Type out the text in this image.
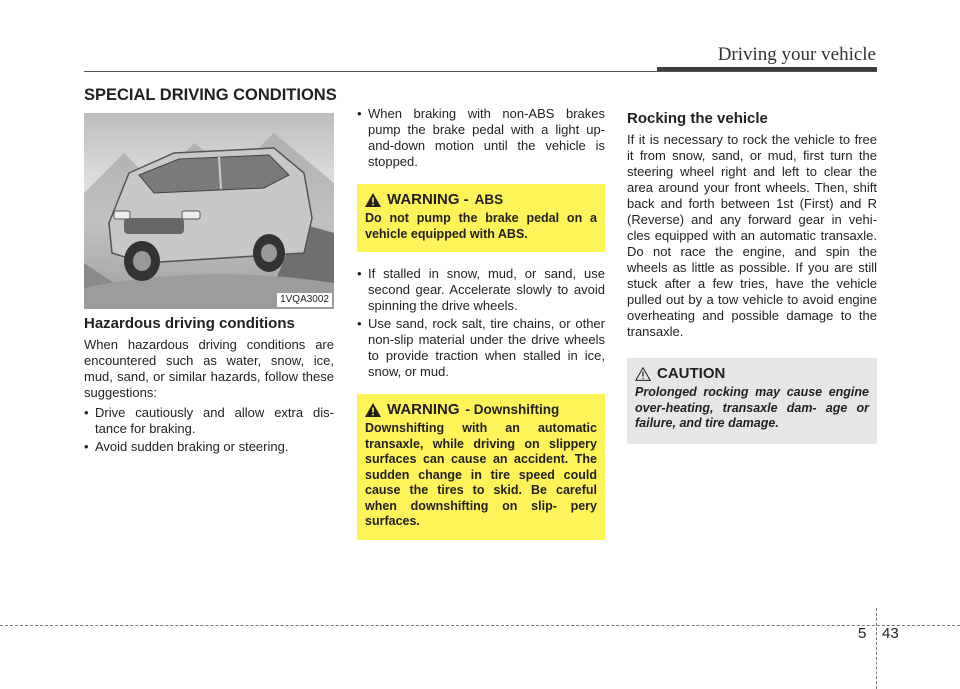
Driving your vehicle
SPECIAL DRIVING CONDITIONS
1VQA3002
Hazardous driving conditions

When hazardous driving conditions are encountered such as water, snow, ice, mud, sand, or similar hazards, follow these suggestions:

• Drive cautiously and allow extra dis- tance for braking.
• Avoid sudden braking or steering.
• When braking with non-ABS brakes pump the brake pedal with a light up- and-down motion until the vehicle is stopped.
WARNING - ABS
Do not pump the brake pedal on a vehicle equipped with ABS.
• If stalled in snow, mud, or sand, use second gear. Accelerate slowly to avoid spinning the drive wheels.
• Use sand, rock salt, tire chains, or other non-slip material under the drive wheels to provide traction when stalled in ice, snow, or mud.
WARNING - Downshifting
Downshifting with an automatic transaxle, while driving on slippery surfaces can cause an accident. The sudden change in tire speed could cause the tires to skid. Be careful when downshifting on slip- pery surfaces.
Rocking the vehicle

If it is necessary to rock the vehicle to free it from snow, sand, or mud, first turn the steering wheel right and left to clear the area around your front wheels. Then, shift back and forth between 1st (First) and R (Reverse) and any forward gear in vehi- cles equipped with an automatic transaxle. Do not race the engine, and spin the wheels as little as possible. If you are still stuck after a few tries, have the vehicle pulled out by a tow vehicle to avoid engine overheating and possible damage to the transaxle.

CAUTION
Prolonged rocking may cause engine over-heating, transaxle dam- age or failure, and tire damage.
5 43
